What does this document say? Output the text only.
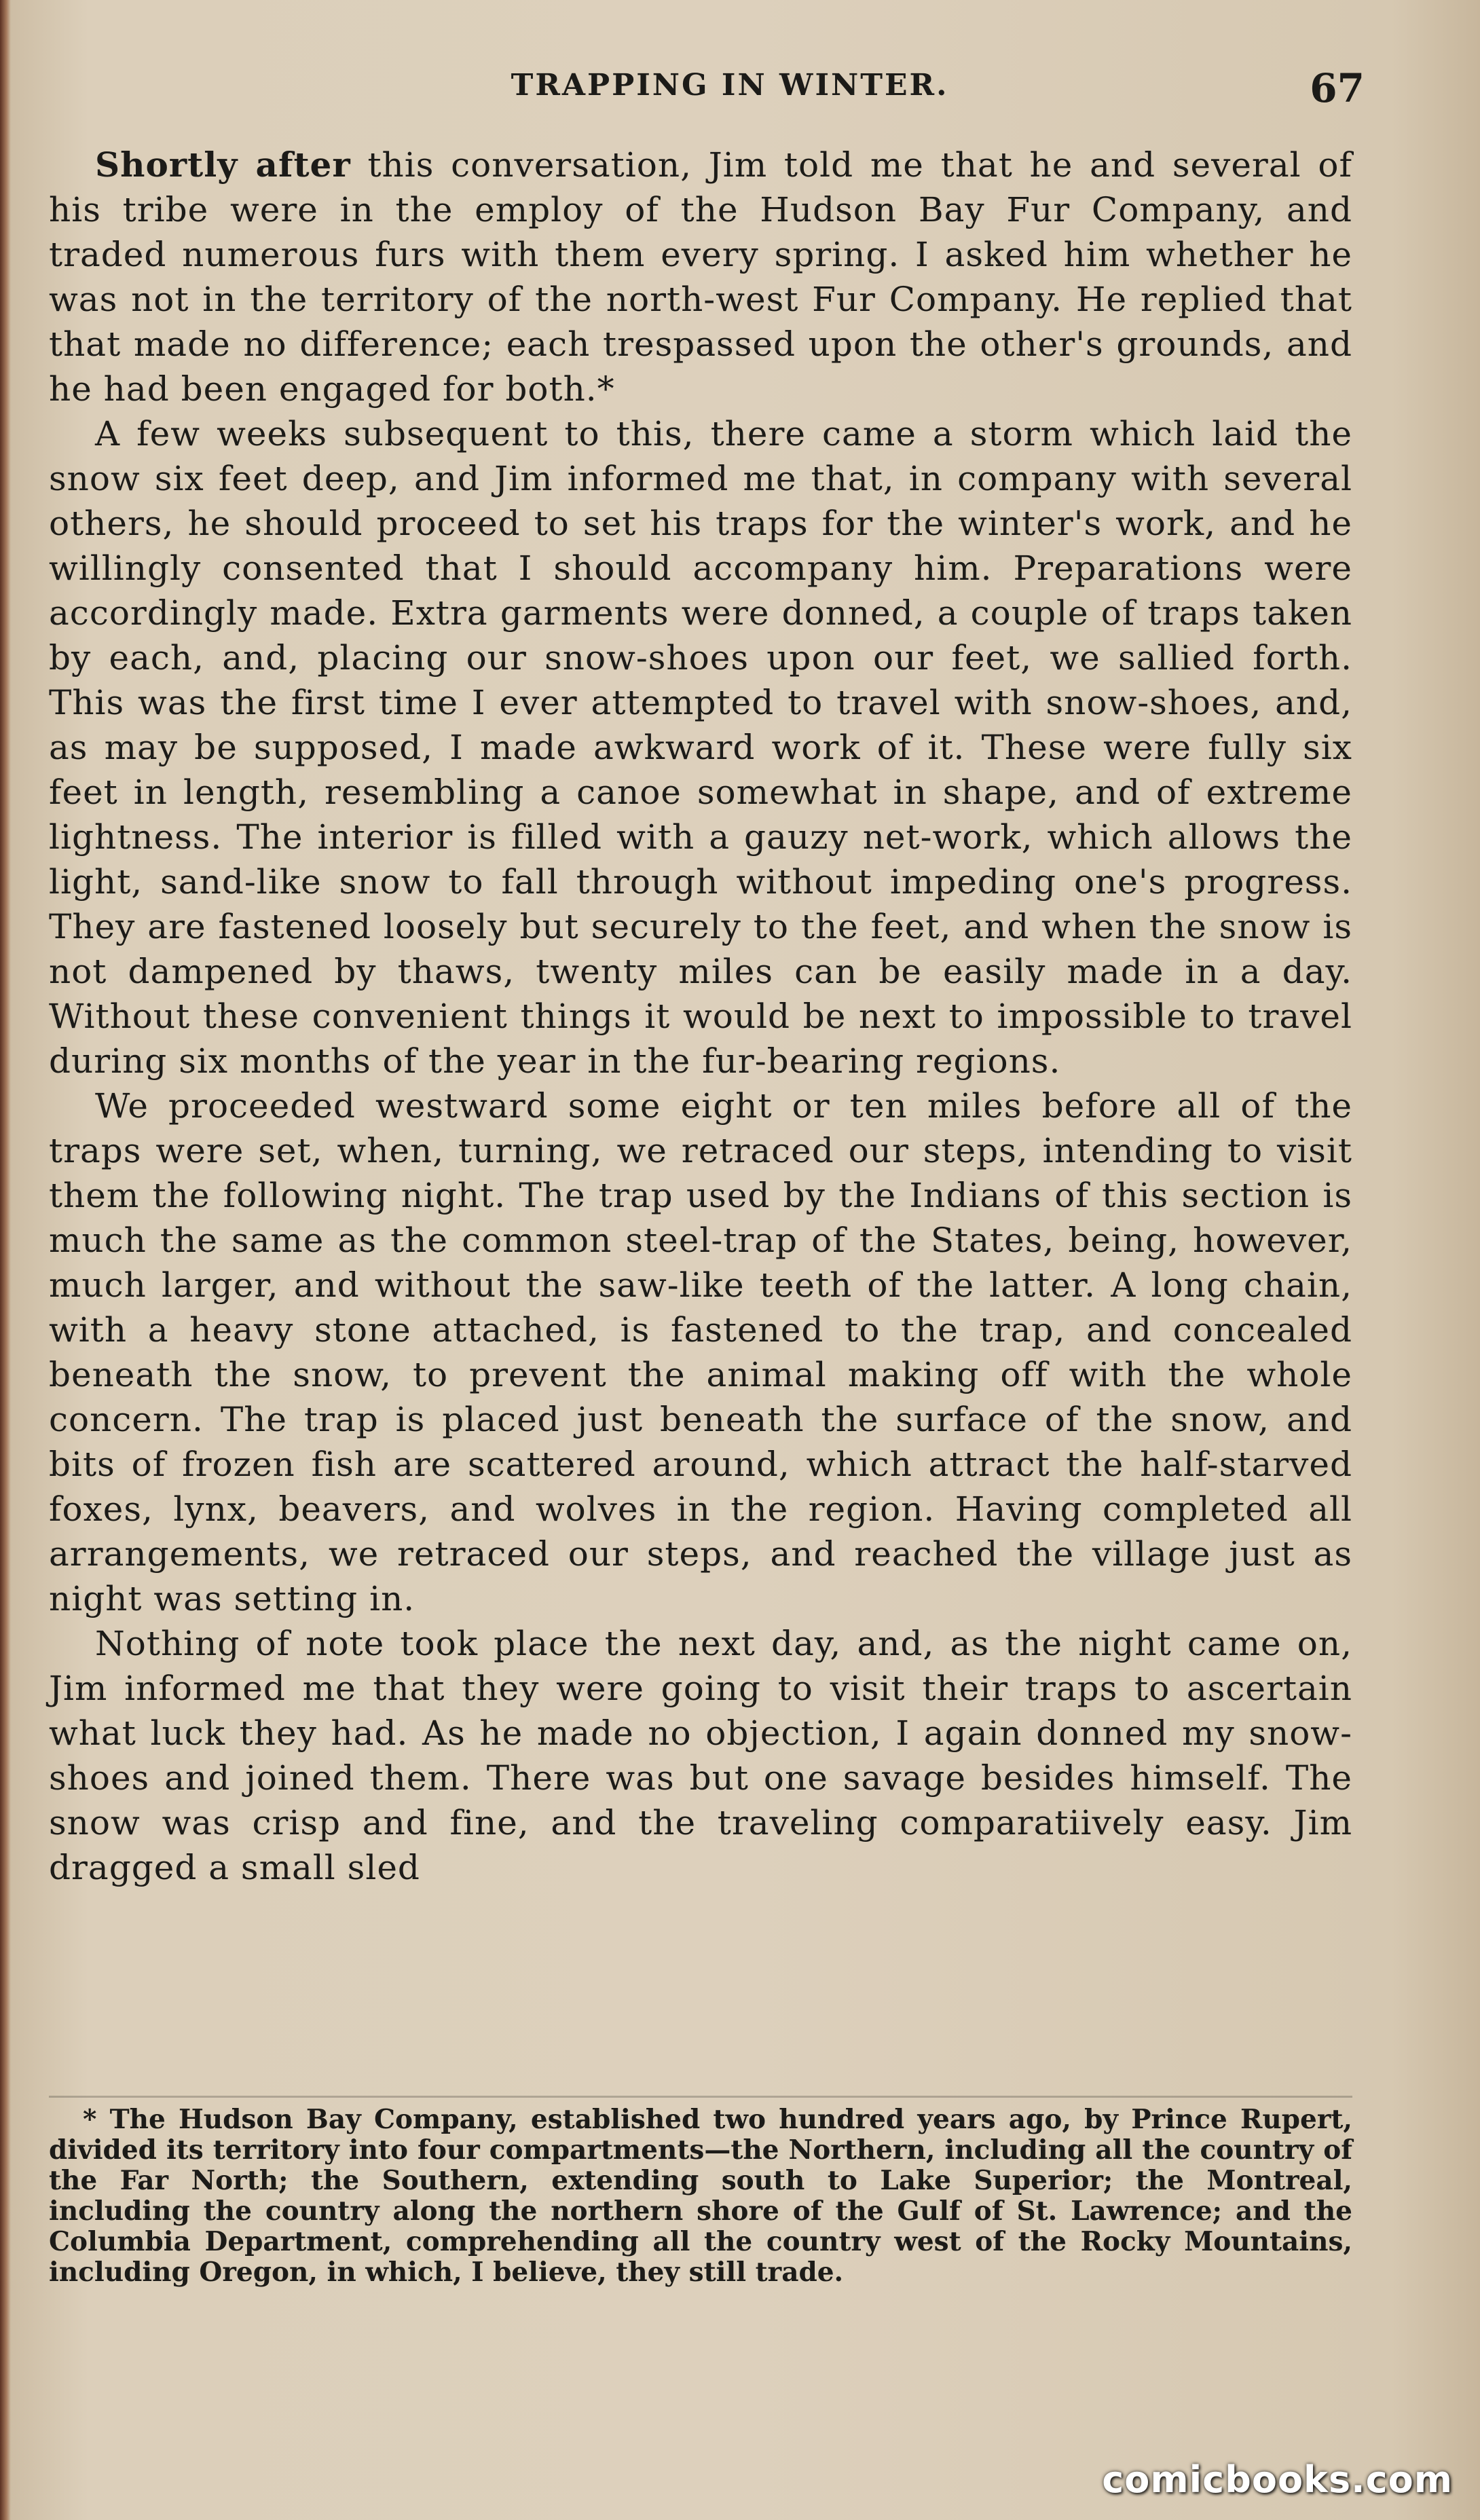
TRAPPING IN WINTER.	67

Shortly after this conversation, Jim told me that he and several of his tribe were in the employ of the Hudson Bay Fur Company, and traded numerous furs with them every spring. I asked him whether he was not in the territory of the north-west Fur Company. He replied that that made no difference; each trespassed upon the other's grounds, and he had been engaged for both.*

A few weeks subsequent to this, there came a storm which laid the snow six feet deep, and Jim informed me that, in company with several others, he should proceed to set his traps for the winter's work, and he willingly consented that I should accompany him. Preparations were accordingly made. Extra garments were donned, a couple of traps taken by each, and, placing our snow-shoes upon our feet, we sallied forth. This was the first time I ever attempted to travel with snow-shoes, and, as may be supposed, I made awkward work of it. These were fully six feet in length, resembling a canoe somewhat in shape, and of extreme lightness. The interior is filled with a gauzy net-work, which allows the light, sand-like snow to fall through without impeding one's progress. They are fastened loosely but securely to the feet, and when the snow is not dampened by thaws, twenty miles can be easily made in a day. Without these convenient things it would be next to impossible to travel during six months of the year in the fur-bearing regions.

We proceeded westward some eight or ten miles before all of the traps were set, when, turning, we retraced our steps, intending to visit them the following night. The trap used by the Indians of this section is much the same as the common steel-trap of the States, being, however, much larger, and without the saw-like teeth of the latter. A long chain, with a heavy stone attached, is fastened to the trap, and concealed beneath the snow, to prevent the animal making off with the whole concern. The trap is placed just beneath the surface of the snow, and bits of frozen fish are scattered around, which attract the half-starved foxes, lynx, beavers, and wolves in the region. Having completed all arrangements, we retraced our steps, and reached the village just as night was setting in.

Nothing of note took place the next day, and, as the night came on, Jim informed me that they were going to visit their traps to ascertain what luck they had. As he made no objection, I again donned my snow-shoes and joined them. There was but one savage besides himself. The snow was crisp and fine, and the traveling comparatiively easy. Jim dragged a small sled

* The Hudson Bay Company, established two hundred years ago, by Prince Rupert, divided its territory into four compartments—the Northern, including all the country of the Far North; the Southern, extending south to Lake Superior; the Montreal, including the country along the northern shore of the Gulf of St. Lawrence; and the Columbia Department, comprehending all the country west of the Rocky Mountains, including Oregon, in which, I believe, they still trade.

comicbooks.com
